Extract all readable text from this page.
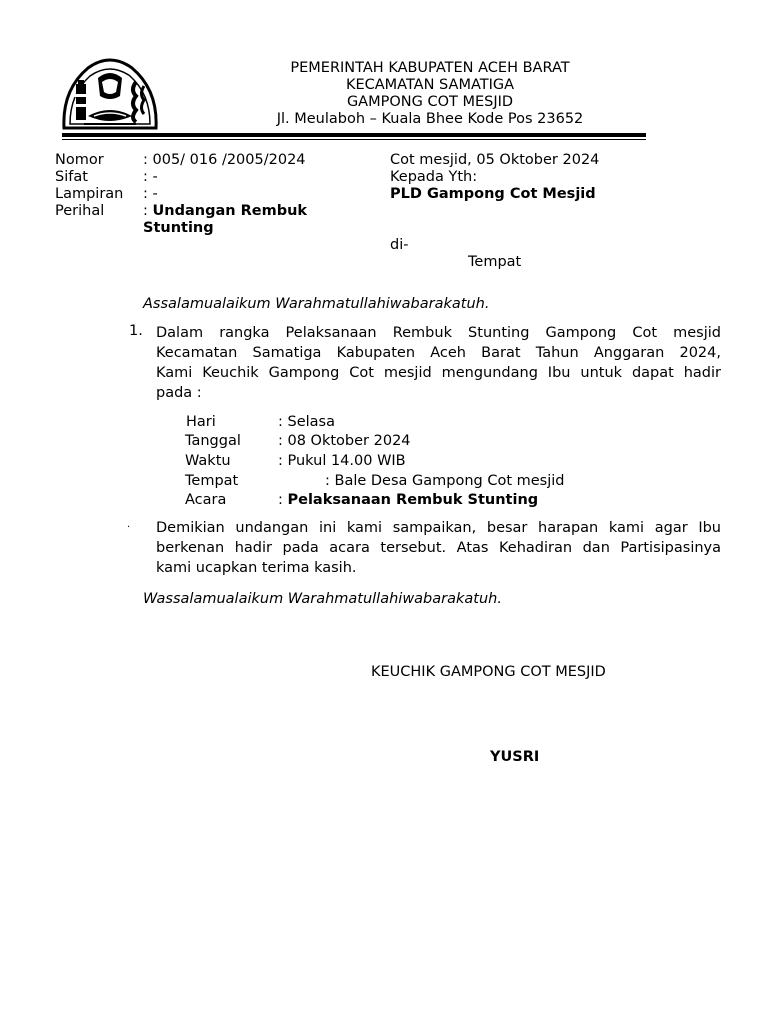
PEMERINTAH KABUPATEN ACEH BARAT
KECAMATAN SAMATIGA
GAMPONG COT MESJID
Jl. Meulaboh – Kuala Bhee Kode Pos 23652
Nomor	: 005/ 016 /2005/2024
Sifat	: -
Lampiran : -
Perihal	: Undangan Rembuk
Stunting
Cot mesjid, 05 Oktober 2024
Kepada Yth:
PLD Gampong Cot Mesjid
di-
Tempat
Assalamualaikum Warahmatullahiwabarakatuh.
1. Dalam rangka Pelaksanaan Rembuk Stunting Gampong Cot mesjid
Kecamatan Samatiga Kabupaten Aceh Barat Tahun Anggaran 2024,
Kami Keuchik Gampong Cot mesjid mengundang Ibu untuk dapat hadir
pada :
Hari	: Selasa
Tanggal	: 08 Oktober 2024
Waktu	: Pukul 14.00 WIB
Tempat	: Bale Desa Gampong Cot mesjid
Acara	: Pelaksanaan Rembuk Stunting
. Demikian undangan ini kami sampaikan, besar harapan kami agar Ibu
berkenan hadir pada acara tersebut. Atas Kehadiran dan Partisipasinya
kami ucapkan terima kasih.
Wassalamualaikum Warahmatullahiwabarakatuh.
KEUCHIK GAMPONG COT MESJID
YUSRI
